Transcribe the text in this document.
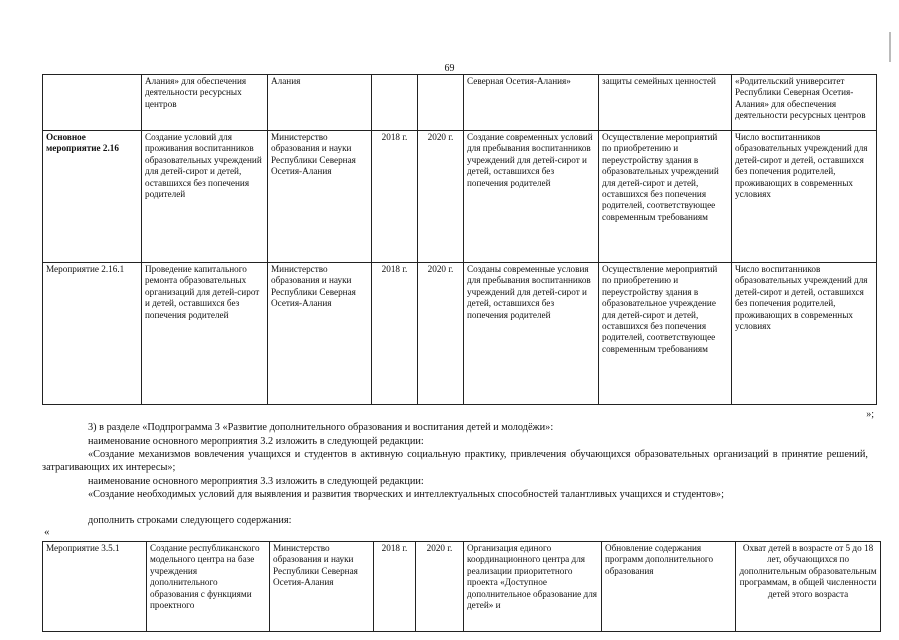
69
	Алания» для обеспечения деятельности ресурсных центров	Алания			Северная Осетия-Алания»	защиты семейных ценностей	«Родительский университет Республики Северная Осетия-Алания» для обеспечения деятельности ресурсных центров
Основное мероприятие 2.16	Создание условий для проживания воспитанников образовательных учреждений для детей-сирот и детей, оставшихся без попечения родителей	Министерство образования и науки Республики Северная Осетия-Алания	2018 г.	2020 г.	Создание современных условий для пребывания воспитанников учреждений для детей-сирот и детей, оставшихся без попечения родителей	Осуществление мероприятий по приобретению и переустройству здания в образовательных учреждений для детей-сирот и детей, оставшихся без попечения родителей, соответствующее современным требованиям	Число воспитанников образовательных учреждений для детей-сирот и детей, оставшихся без попечения родителей, проживающих в современных условиях
Мероприятие 2.16.1	Проведение капитального ремонта образовательных организаций для детей-сирот и детей, оставшихся без попечения родителей	Министерство образования и науки Республики Северная Осетия-Алания	2018 г.	2020 г.	Созданы современные условия для пребывания воспитанников учреждений для детей-сирот и детей, оставшихся без попечения родителей	Осуществление мероприятий по приобретению и переустройству здания в образовательное учреждение для детей-сирот и детей, оставшихся без попечения родителей, соответствующее современным требованиям	Число воспитанников образовательных учреждений для детей-сирот и детей, оставшихся без попечения родителей, проживающих в современных условиях
»;

3) в разделе «Подпрограмма 3 «Развитие дополнительного образования и воспитания детей и молодёжи»:

наименование основного мероприятия 3.2 изложить в следующей редакции:

«Создание механизмов вовлечения учащихся и студентов в активную социальную практику, привлечения обучающихся образовательных организаций в принятие решений, затрагивающих их интересы»;

наименование основного мероприятия 3.3 изложить в следующей редакции:

«Создание необходимых условий для выявления и развития творческих и интеллектуальных способностей талантливых учащихся и студентов»;

дополнить строками следующего содержания:

«
Мероприятие 3.5.1	Создание республиканского модельного центра на базе учреждения дополнительного образования с функциями проектного	Министерство образования и науки Республики Северная Осетия-Алания	2018 г.	2020 г.	Организация единого координационного центра для реализации приоритетного проекта «Доступное дополнительное образование для детей» и	Обновление содержания программ дополнительного образования	Охват детей в возрасте от 5 до 18 лет, обучающихся по дополнительным образовательным программам, в общей численности детей этого возраста
